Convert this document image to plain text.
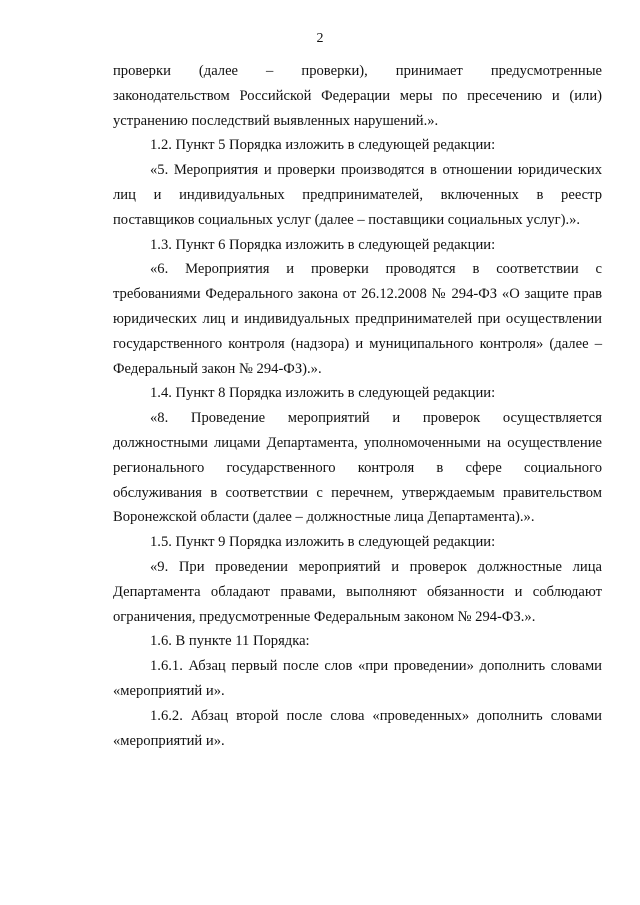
2

проверки (далее – проверки), принимает предусмотренные
законодательством Российской Федерации меры по пресечению и (или)
устранению последствий выявленных нарушений.».

1.2. Пункт 5 Порядка изложить в следующей редакции:

«5. Мероприятия и проверки производятся в отношении юридических
лиц и индивидуальных предпринимателей, включенных в реестр
поставщиков социальных услуг (далее – поставщики социальных услуг).».

1.3. Пункт 6 Порядка изложить в следующей редакции:

«6. Мероприятия и проверки проводятся в соответствии с
требованиями Федерального закона от 26.12.2008 № 294-ФЗ «О защите прав
юридических лиц и индивидуальных предпринимателей при осуществлении
государственного контроля (надзора) и муниципального контроля» (далее –
Федеральный закон № 294-ФЗ).».

1.4. Пункт 8 Порядка изложить в следующей редакции:

«8. Проведение мероприятий и проверок осуществляется
должностными лицами Департамента, уполномоченными на осуществление
регионального государственного контроля в сфере социального
обслуживания в соответствии с перечнем, утверждаемым правительством
Воронежской области (далее – должностные лица Департамента).».

1.5. Пункт 9 Порядка изложить в следующей редакции:

«9. При проведении мероприятий и проверок должностные лица
Департамента обладают правами, выполняют обязанности и соблюдают
ограничения, предусмотренные Федеральным законом № 294-ФЗ.».

1.6. В пункте 11 Порядка:

1.6.1. Абзац первый после слов «при проведении» дополнить словами
«мероприятий и».

1.6.2. Абзац второй после слова «проведенных» дополнить словами
«мероприятий и».
